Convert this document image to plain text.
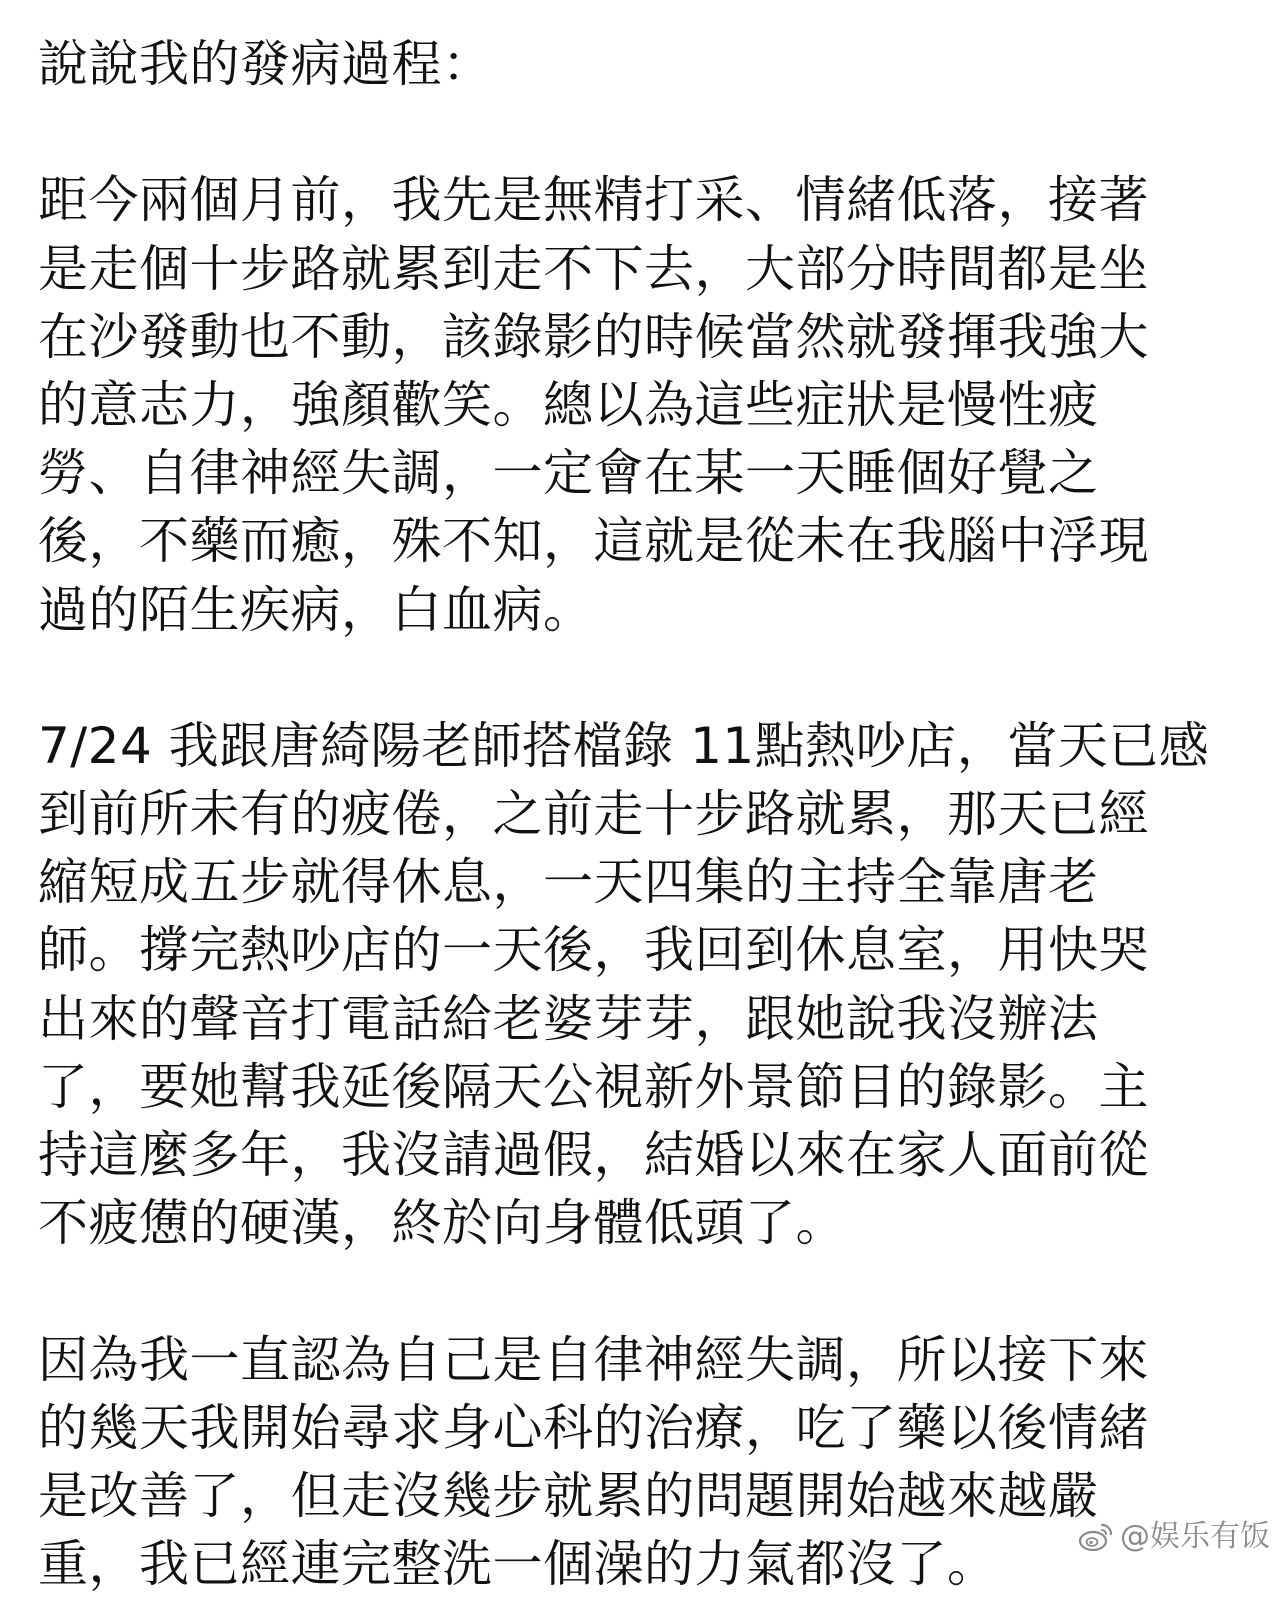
說說我的發病過程：
距今兩個月前，我先是無精打采、情緒低落，接著
是走個十步路就累到走不下去，大部分時間都是坐
在沙發動也不動，該錄影的時候當然就發揮我強大
的意志力，強顏歡笑。總以為這些症狀是慢性疲
勞、自律神經失調，一定會在某一天睡個好覺之
後，不藥而癒，殊不知，這就是從未在我腦中浮現
過的陌生疾病，白血病。
7/24 我跟唐綺陽老師搭檔錄 11點熱吵店，當天已感
到前所未有的疲倦，之前走十步路就累，那天已經
縮短成五步就得休息，一天四集的主持全靠唐老
師。撐完熱吵店的一天後，我回到休息室，用快哭
出來的聲音打電話給老婆芽芽，跟她說我沒辦法
了，要她幫我延後隔天公視新外景節目的錄影。主
持這麼多年，我沒請過假，結婚以來在家人面前從
不疲憊的硬漢，終於向身體低頭了。
因為我一直認為自己是自律神經失調，所以接下來
的幾天我開始尋求身心科的治療，吃了藥以後情緒
是改善了，但走沒幾步就累的問題開始越來越嚴
重，我已經連完整洗一個澡的力氣都沒了。	@娱乐有饭
